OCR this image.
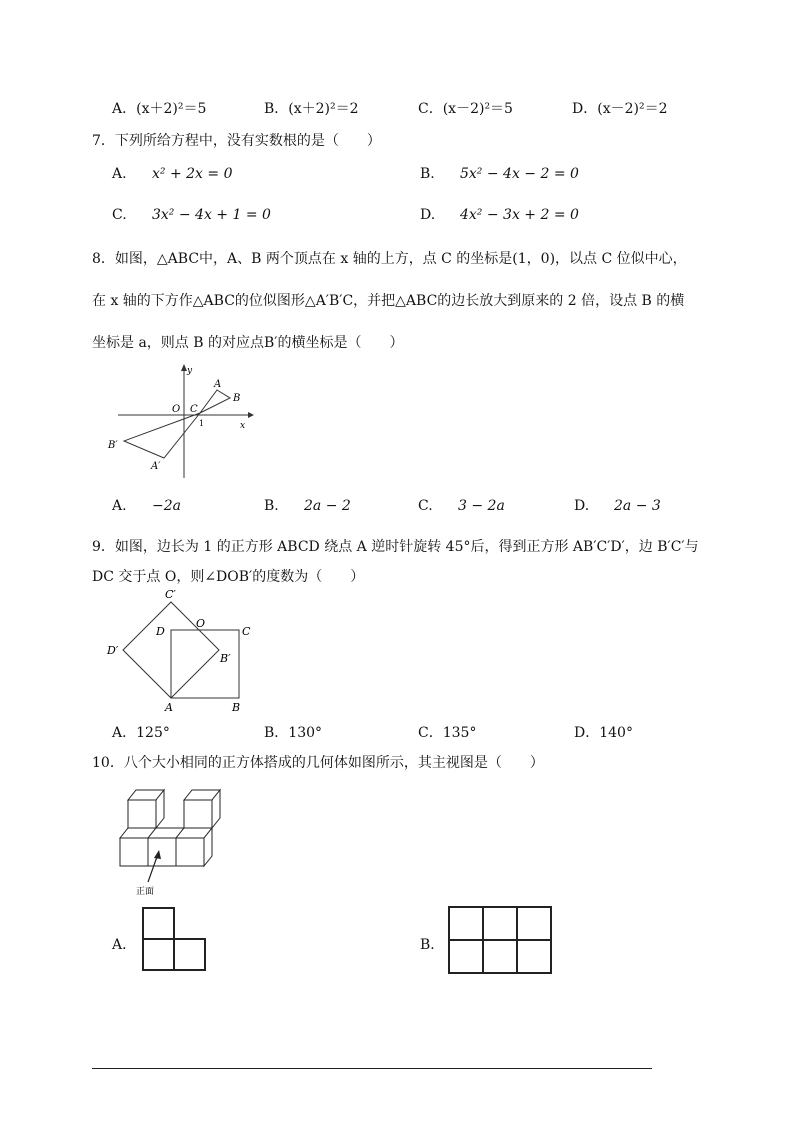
A．(x＋2)²＝5	B．(x＋2)²＝2	C．(x－2)²＝5	D．(x－2)²＝2
7．下列所给方程中，没有实数根的是（　　）
A. x² + 2x = 0	B. 5x² − 4x − 2 = 0
C. 3x² − 4x + 1 = 0	D. 4x² − 3x + 2 = 0
8．如图，△ABC中，A、B 两个顶点在 x 轴的上方，点 C 的坐标是(1，0)，以点 C 位似中心，
在 x 轴的下方作△ABC的位似图形△A′B′C，并把△ABC的边长放大到原来的 2 倍，设点 B 的横
坐标是 a，则点 B 的对应点B′的横坐标是（　　）
y
x
O C
1
A
B
A′
B′
A. −2a	B. 2a − 2	C. 3 − 2a	D. 2a − 3
9．如图，边长为 1 的正方形 ABCD 绕点 A 逆时针旋转 45°后，得到正方形 AB′C′D′，边 B′C′与
DC 交于点 O，则∠DOB′的度数为（　　）
C′
D
O
C
D′
B′
A	B
A．125°	B．130°	C．135°	D．140°
10．八个大小相同的正方体搭成的几何体如图所示，其主视图是（　　）
正面
A．	B．
